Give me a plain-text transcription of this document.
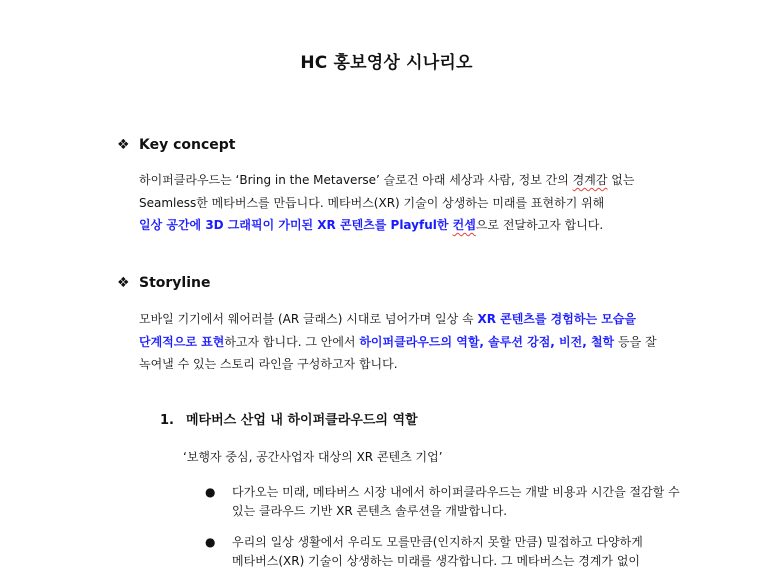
HC 홍보영상 시나리오
❖ Key concept
하이퍼클라우드는 ‘Bring in the Metaverse’ 슬로건 아래 세상과 사람, 정보 간의 경계감 없는
Seamless한 메타버스를 만듭니다. 메타버스(XR) 기술이 상생하는 미래를 표현하기 위해
일상 공간에 3D 그래픽이 가미된 XR 콘텐츠를 Playful한 컨셉으로 전달하고자 합니다.
❖ Storyline
모바일 기기에서 웨어러블 (AR 글래스) 시대로 넘어가며 일상 속 XR 콘텐츠를 경험하는 모습을
단계적으로 표현하고자 합니다. 그 안에서 하이퍼클라우드의 역할, 솔루션 강점, 비전, 철학 등을 잘
녹여낼 수 있는 스토리 라인을 구성하고자 합니다.
1. 메타버스 산업 내 하이퍼클라우드의 역할
‘보행자 중심, 공간사업자 대상의 XR 콘텐츠 기업’
●	다가오는 미래, 메타버스 시장 내에서 하이퍼클라우드는 개발 비용과 시간을 절감할 수
있는 클라우드 기반 XR 콘텐츠 솔루션을 개발합니다.
●	우리의 일상 생활에서 우리도 모를만큼(인지하지 못할 만큼) 밀접하고 다양하게
메타버스(XR) 기술이 상생하는 미래를 생각합니다. 그 메타버스는 경계가 없이
